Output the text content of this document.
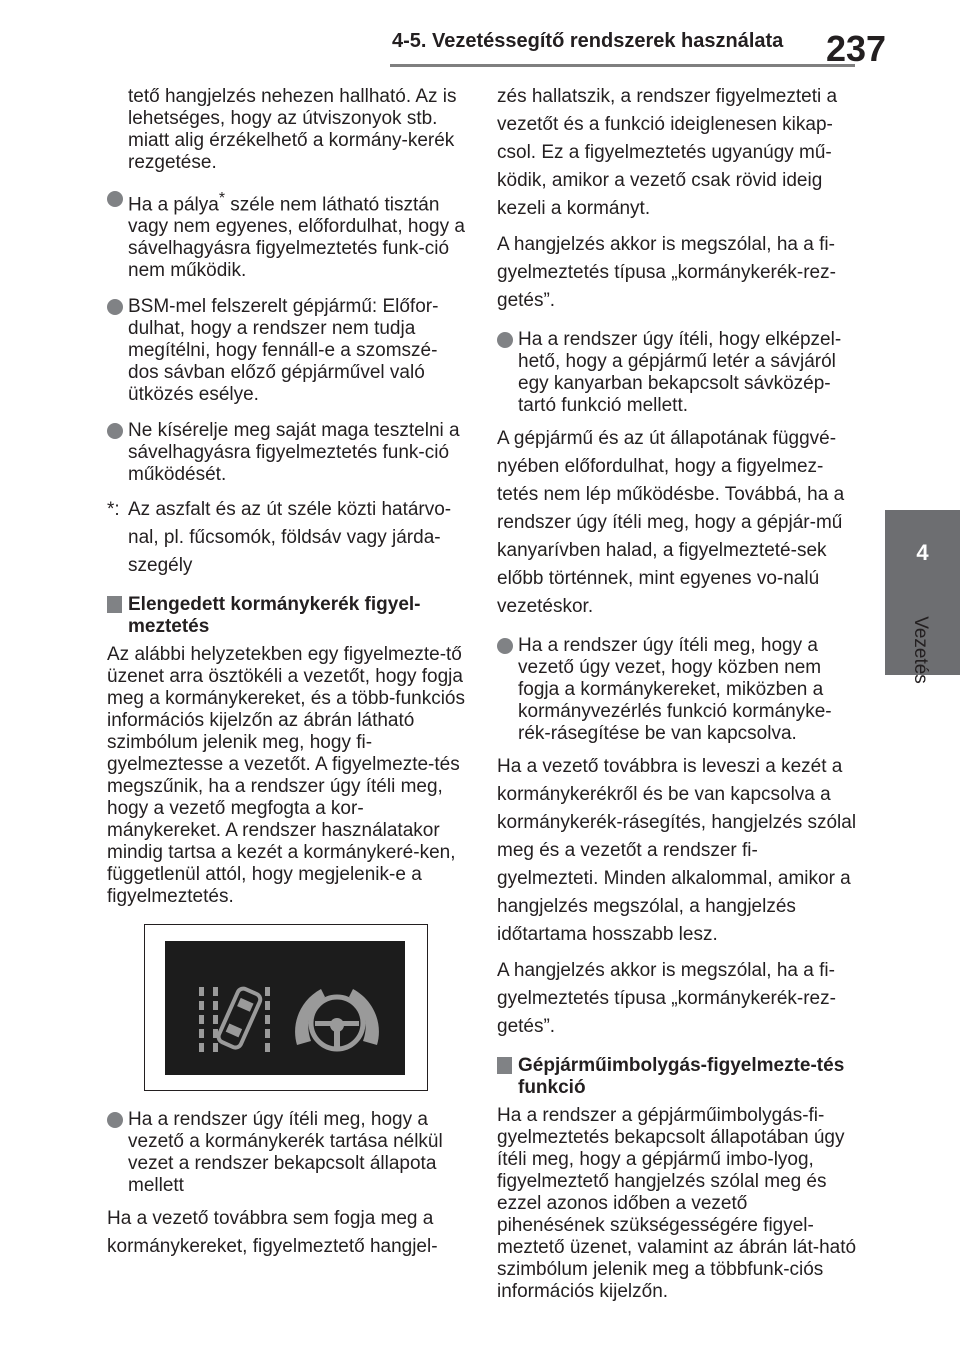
4-5. Vezetéssegítő rendszerek használata 237
4
Vezetés

tető hangjelzés nehezen hallható. Az is lehetséges, hogy az útviszonyok stb. miatt alig érzékelhető a kormány-kerék rezgetése.

Ha a pálya* széle nem látható tisztán vagy nem egyenes, előfordulhat, hogy a sávelhagyásra figyelmeztetés funk-ció nem működik.
BSM-mel felszerelt gépjármű: Előfor-dulhat, hogy a rendszer nem tudja megítélni, hogy fennáll-e a szomszé-dos sávban előző gépjárművel való ütközés esélye.
Ne kísérelje meg saját maga tesztelni a sávelhagyásra figyelmeztetés funk-ció működését.
*: Az aszfalt és az út széle közti határvo-nal, pl. fűcsomók, földsáv vagy járda-szegély
Elengedett kormánykerék figyel-meztetés

Az alábbi helyzetekben egy figyelmezte-tő üzenet arra ösztökéli a vezetőt, hogy fogja meg a kormánykereket, és a több-funkciós információs kijelzőn az ábrán látható szimbólum jelenik meg, hogy fi-gyelmeztesse a vezetőt. A figyelmezte-tés megszűnik, ha a rendszer úgy ítéli meg, hogy a vezető megfogta a kor-mánykereket. A rendszer használatakor mindig tartsa a kezét a kormánykeré-ken, függetlenül attól, hogy megjelenik-e a figyelmeztetés.

Ha a rendszer úgy ítéli meg, hogy a vezető a kormánykerék tartása nélkül vezet a rendszer bekapcsolt állapota mellett

Ha a vezető továbbra sem fogja meg a kormánykereket, figyelmeztető hangjel-

zés hallatszik, a rendszer figyelmezteti a vezetőt és a funkció ideiglenesen kikap-csol. Ez a figyelmeztetés ugyanúgy mű-ködik, amikor a vezető csak rövid ideig kezeli a kormányt.

A hangjelzés akkor is megszólal, ha a fi-gyelmeztetés típusa „kormánykerék-rez-getés”.

Ha a rendszer úgy ítéli, hogy elképzel-hető, hogy a gépjármű letér a sávjáról egy kanyarban bekapcsolt sávközép-tartó funkció mellett.

A gépjármű és az út állapotának függvé-nyében előfordulhat, hogy a figyelmez-tetés nem lép működésbe. Továbbá, ha a rendszer úgy ítéli meg, hogy a gépjár-mű kanyarívben halad, a figyelmezteté-sek előbb történnek, mint egyenes vo-nalú vezetéskor.

Ha a rendszer úgy ítéli meg, hogy a vezető úgy vezet, hogy közben nem fogja a kormánykereket, miközben a kormányvezérlés funkció kormányke-rék-rásegítése be van kapcsolva.

Ha a vezető továbbra is leveszi a kezét a kormánykerékről és be van kapcsolva a kormánykerék-rásegítés, hangjelzés szólal meg és a vezetőt a rendszer fi-gyelmezteti. Minden alkalommal, amikor a hangjelzés megszólal, a hangjelzés időtartama hosszabb lesz.

A hangjelzés akkor is megszólal, ha a fi-gyelmeztetés típusa „kormánykerék-rez-getés”.

Gépjárműimbolygás-figyelmezte-tés funkció

Ha a rendszer a gépjárműimbolygás-fi-gyelmeztetés bekapcsolt állapotában úgy ítéli meg, hogy a gépjármű imbo-lyog, figyelmeztető hangjelzés szólal meg és ezzel azonos időben a vezető pihenésének szükségességére figyel-meztető üzenet, valamint az ábrán lát-ható szimbólum jelenik meg a többfunk-ciós információs kijelzőn.
